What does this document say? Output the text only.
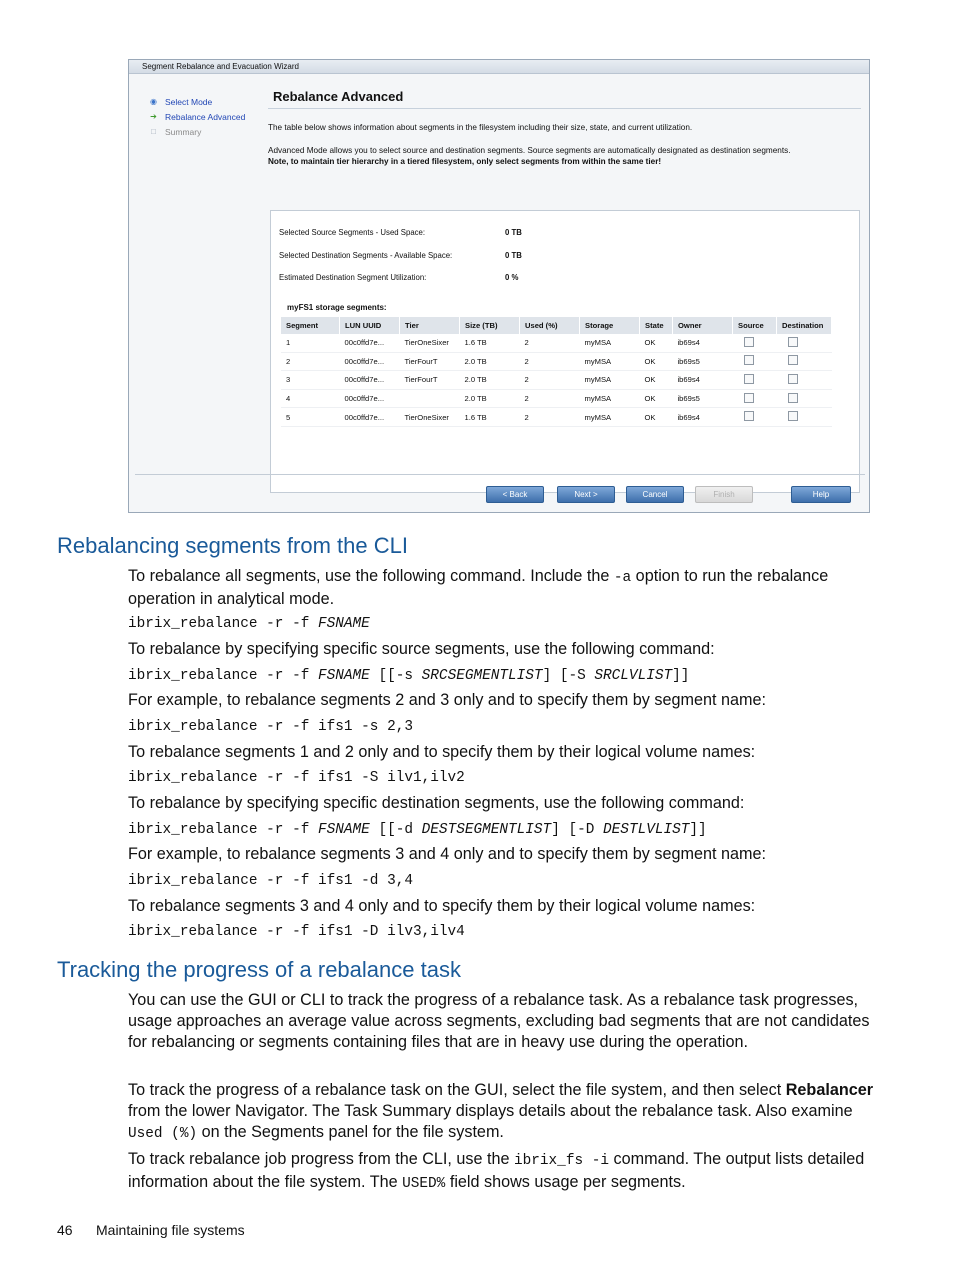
Segment Rebalance and Evacuation Wizard
◉ Select Mode
➔ Rebalance Advanced
□ Summary
Rebalance Advanced
The table below shows information about segments in the filesystem including their size, state, and current utilization.
Advanced Mode allows you to select source and destination segments. Source segments are automatically designated as destination segments.
Note, to maintain tier hierarchy in a tiered filesystem, only select segments from within the same tier!
Selected Source Segments - Used Space:	0 TB
Selected Destination Segments - Available Space:	0 TB
Estimated Destination Segment Utilization:	0 %
myFS1 storage segments:
Segment	LUN UUID	Tier	Size (TB)	Used (%)	Storage	State	Owner	Source	Destination
1	00c0ffd7e...	TierOneSixer	1.6 TB	2	myMSA	OK	ib69s4		
2	00c0ffd7e...	TierFourT	2.0 TB	2	myMSA	OK	ib69s5		
3	00c0ffd7e...	TierFourT	2.0 TB	2	myMSA	OK	ib69s4		
4	00c0ffd7e...		2.0 TB	2	myMSA	OK	ib69s5		
5	00c0ffd7e...	TierOneSixer	1.6 TB	2	myMSA	OK	ib69s4		
< Back	Next >	Cancel	Finish	Help
Rebalancing segments from the CLI

To rebalance all segments, use the following command. Include the -a option to run the rebalance operation in analytical mode.

ibrix_rebalance -r -f FSNAME

To rebalance by specifying specific source segments, use the following command:

ibrix_rebalance -r -f FSNAME [[-s SRCSEGMENTLIST] [-S SRCLVLIST]]

For example, to rebalance segments 2 and 3 only and to specify them by segment name:

ibrix_rebalance -r -f ifs1 -s 2,3

To rebalance segments 1 and 2 only and to specify them by their logical volume names:

ibrix_rebalance -r -f ifs1 -S ilv1,ilv2

To rebalance by specifying specific destination segments, use the following command:

ibrix_rebalance -r -f FSNAME [[-d DESTSEGMENTLIST] [-D DESTLVLIST]]

For example, to rebalance segments 3 and 4 only and to specify them by segment name:

ibrix_rebalance -r -f ifs1 -d 3,4

To rebalance segments 3 and 4 only and to specify them by their logical volume names:

ibrix_rebalance -r -f ifs1 -D ilv3,ilv4
Tracking the progress of a rebalance task

You can use the GUI or CLI to track the progress of a rebalance task. As a rebalance task progresses, usage approaches an average value across segments, excluding bad segments that are not candidates for rebalancing or segments containing files that are in heavy use during the operation.

To track the progress of a rebalance task on the GUI, select the file system, and then select Rebalancer from the lower Navigator. The Task Summary displays details about the rebalance task. Also examine Used (%) on the Segments panel for the file system.

To track rebalance job progress from the CLI, use the ibrix_fs -i command. The output lists detailed information about the file system. The USED% field shows usage per segments.

46 Maintaining file systems
